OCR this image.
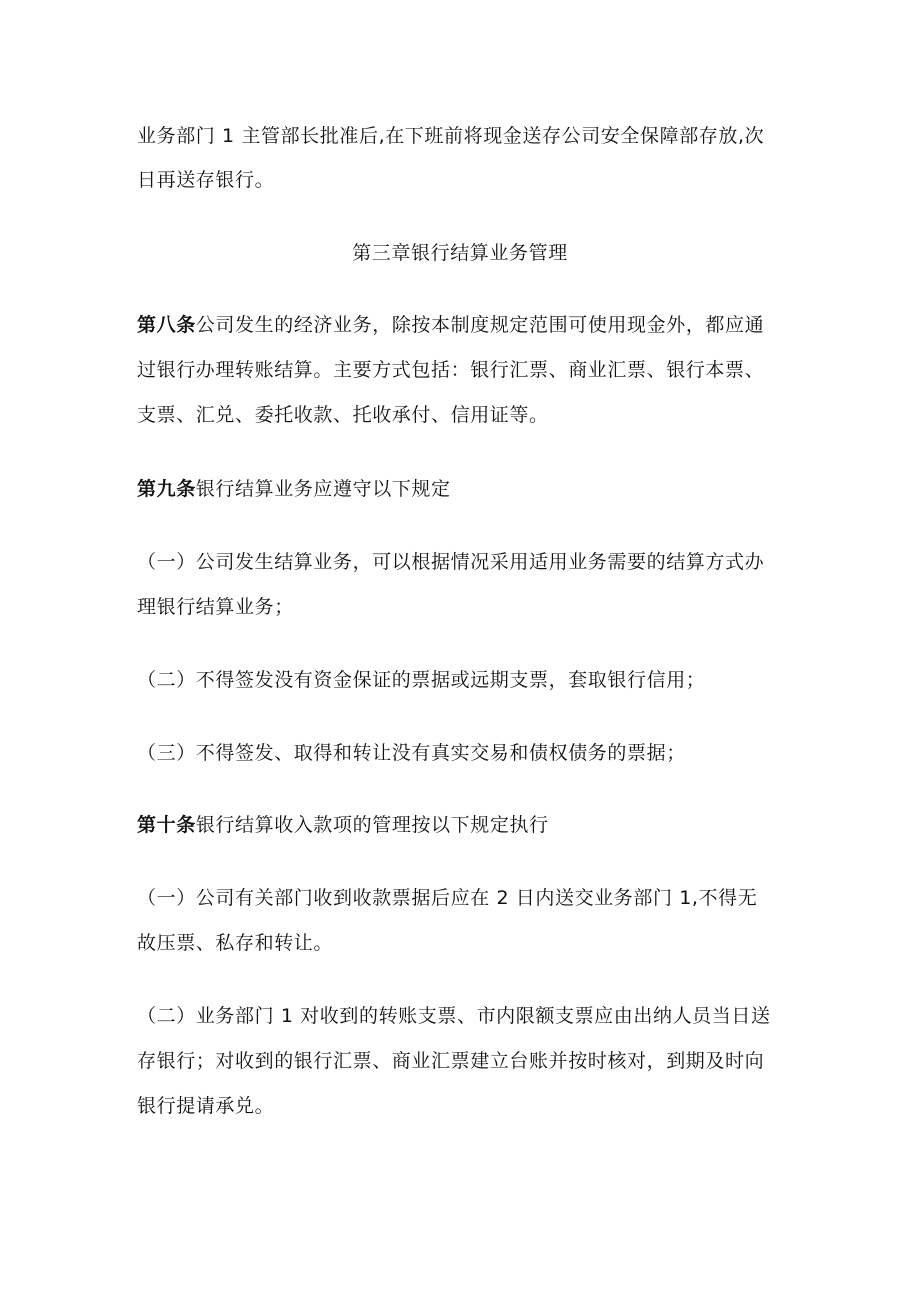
业务部门 1 主管部长批准后,在下班前将现金送存公司安全保障部存放,次
日再送存银行。
第三章银行结算业务管理
第八条公司发生的经济业务，除按本制度规定范围可使用现金外，都应通
过银行办理转账结算。主要方式包括：银行汇票、商业汇票、银行本票、
支票、汇兑、委托收款、托收承付、信用证等。
第九条银行结算业务应遵守以下规定
（一）公司发生结算业务，可以根据情况采用适用业务需要的结算方式办
理银行结算业务；
（二）不得签发没有资金保证的票据或远期支票，套取银行信用；
（三）不得签发、取得和转让没有真实交易和债权债务的票据；
第十条银行结算收入款项的管理按以下规定执行
（一）公司有关部门收到收款票据后应在 2 日内送交业务部门 1,不得无
故压票、私存和转让。
（二）业务部门 1 对收到的转账支票、市内限额支票应由出纳人员当日送
存银行；对收到的银行汇票、商业汇票建立台账并按时核对，到期及时向
银行提请承兑。
